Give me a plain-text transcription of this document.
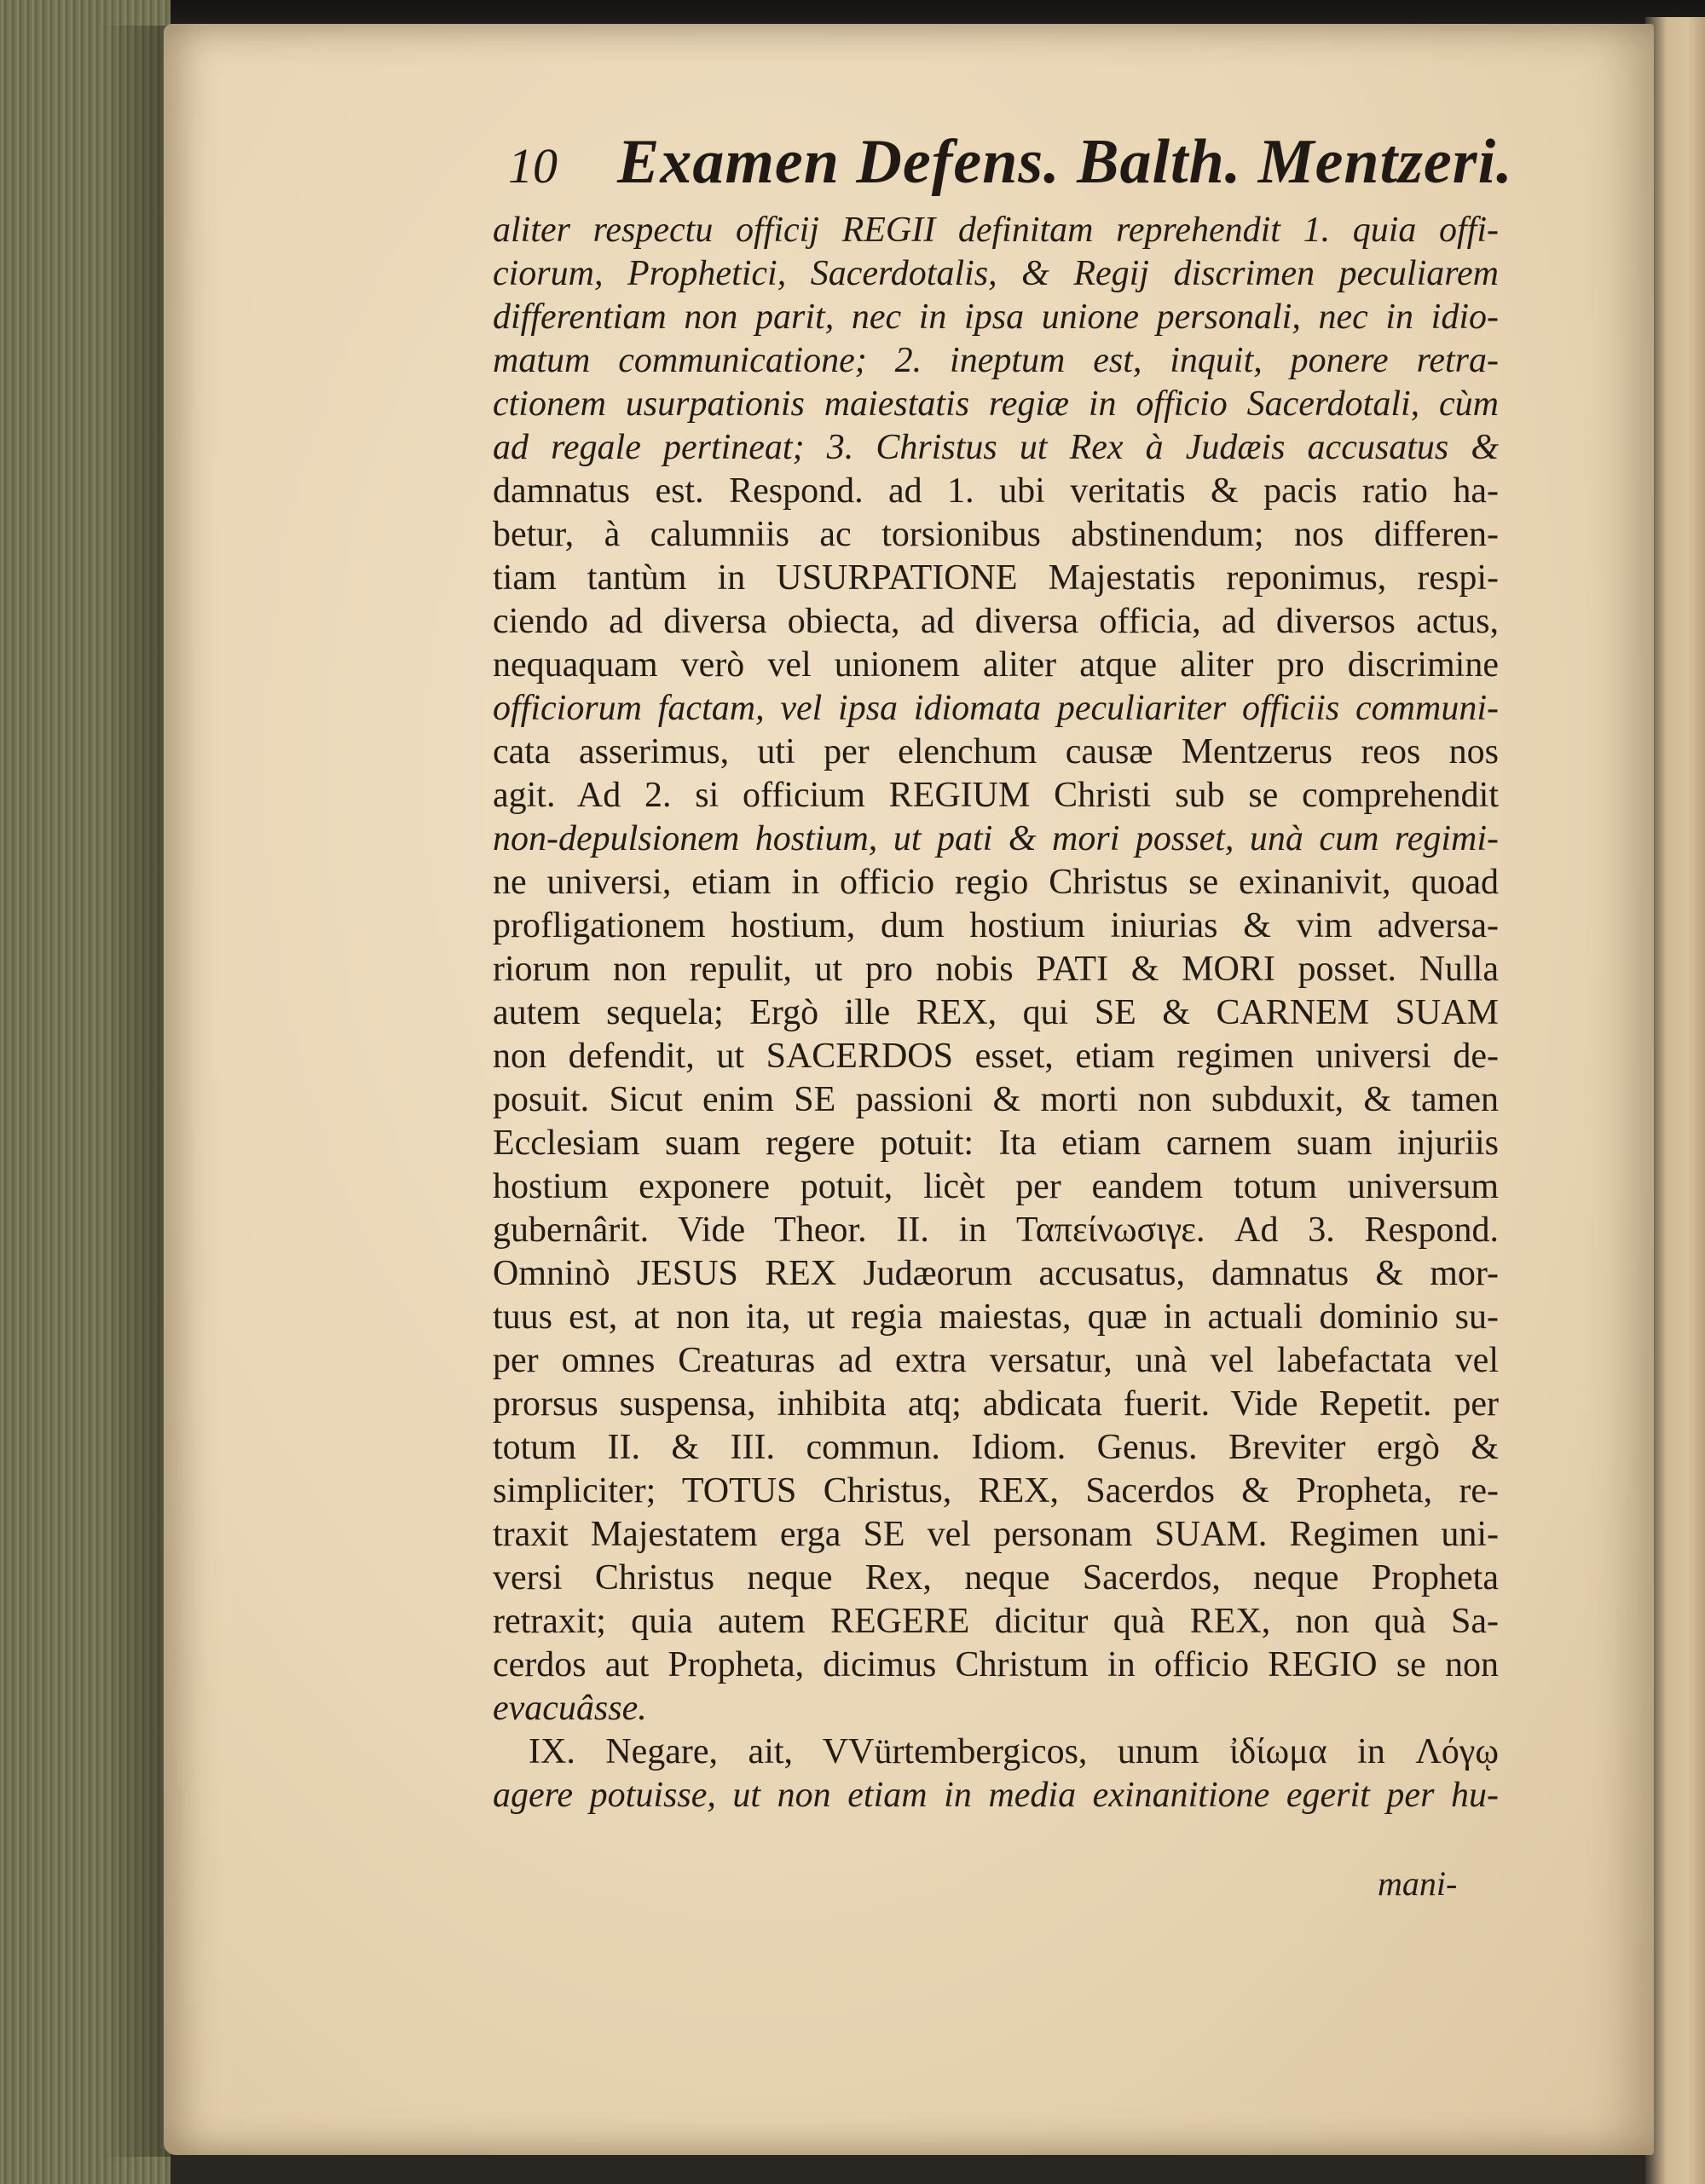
10 Examen Defens. Balth. Mentzeri.
aliter respectu officij REGII definitam reprehendit 1. quia offi-
ciorum, Prophetici, Sacerdotalis, & Regij discrimen peculiarem
differentiam non parit, nec in ipsa unione personali, nec in idio-
matum communicatione; 2. ineptum est, inquit, ponere retra-
ctionem usurpationis maiestatis regiæ in officio Sacerdotali, cùm
ad regale pertineat; 3. Christus ut Rex à Judæis accusatus &
damnatus est. Respond. ad 1. ubi veritatis & pacis ratio ha-
betur, à calumniis ac torsionibus abstinendum; nos differen-
tiam tantùm in USURPATIONE Majestatis reponimus, respi-
ciendo ad diversa obiecta, ad diversa officia, ad diversos actus,
nequaquam verò vel unionem aliter atque aliter pro discrimine
officiorum factam, vel ipsa idiomata peculiariter officiis communi-
cata asserimus, uti per elenchum causæ Mentzerus reos nos
agit. Ad 2. si officium REGIUM Christi sub se comprehendit
non-depulsionem hostium, ut pati & mori posset, unà cum regimi-
ne universi, etiam in officio regio Christus se exinanivit, quoad
profligationem hostium, dum hostium iniurias & vim adversa-
riorum non repulit, ut pro nobis PATI & MORI posset. Nulla
autem sequela; Ergò ille REX, qui SE & CARNEM SUAM
non defendit, ut SACERDOS esset, etiam regimen universi de-
posuit. Sicut enim SE passioni & morti non subduxit, & tamen
Ecclesiam suam regere potuit: Ita etiam carnem suam injuriis
hostium exponere potuit, licèt per eandem totum universum
gubernârit. Vide Theor. II. in Ταπείνωσιγε. Ad 3. Respond.
Omninò JESUS REX Judæorum accusatus, damnatus & mor-
tuus est, at non ita, ut regia maiestas, quæ in actuali dominio su-
per omnes Creaturas ad extra versatur, unà vel labefactata vel
prorsus suspensa, inhibita atq; abdicata fuerit. Vide Repetit. per
totum II. & III. commun. Idiom. Genus. Breviter ergò &
simpliciter; TOTUS Christus, REX, Sacerdos & Propheta, re-
traxit Majestatem erga SE vel personam SUAM. Regimen uni-
versi Christus neque Rex, neque Sacerdos, neque Propheta
retraxit; quia autem REGERE dicitur quà REX, non quà Sa-
cerdos aut Propheta, dicimus Christum in officio REGIO se non
evacuâsse.
IX. Negare, ait, VVürtembergicos, unum ἰδίωμα in Λόγῳ
agere potuisse, ut non etiam in media exinanitione egerit per hu-
mani-
